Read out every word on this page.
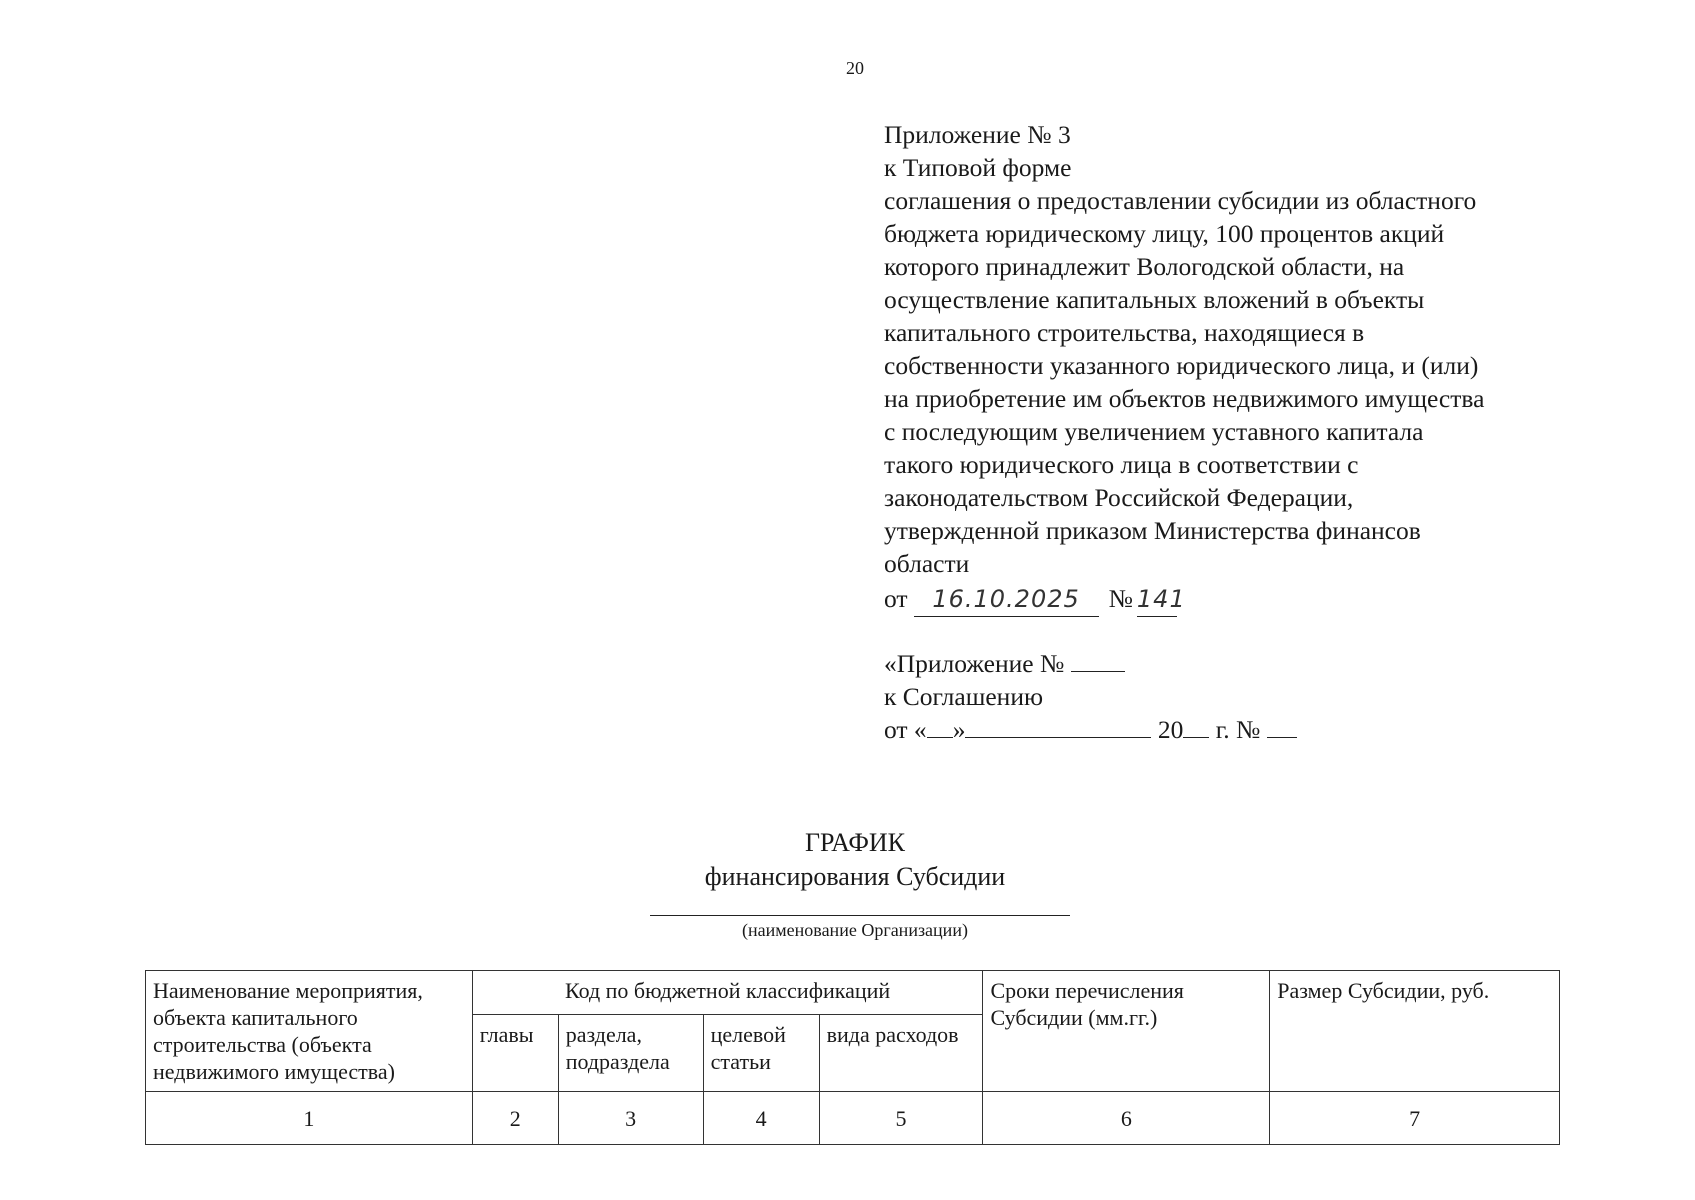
20
Приложение № 3
к Типовой форме
соглашения о предоставлении субсидии из областного
бюджета юридическому лицу, 100 процентов акций
которого принадлежит Вологодской области, на
осуществление капитальных вложений в объекты
капитального строительства, находящиеся в
собственности указанного юридического лица, и (или)
на приобретение им объектов недвижимого имущества
с последующим увеличением уставного капитала
такого юридического лица в соответствии с
законодательством Российской Федерации,
утвержденной приказом Министерства финансов
области
от 16.10.2025 № 141
«Приложение №
к Соглашению
от « »	20 г. №
ГРАФИК
финансирования Субсидии
(наименование Организации)
Наименование мероприятия, объекта капитального строительства (объекта недвижимого имущества)	Код по бюджетной классификаций				Сроки перечисления Субсидии (мм.гг.)	Размер Субсидии, руб.
	главы	раздела, подраздела	целевой статьи	вида расходов		
1	2	3	4	5	6	7
